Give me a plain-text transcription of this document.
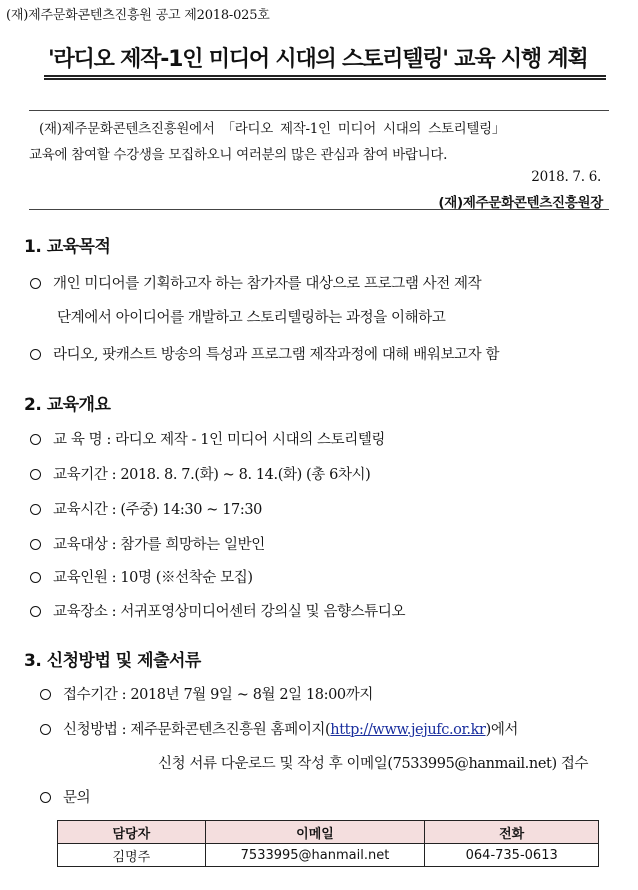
(재)제주문화콘텐츠진흥원 공고 제2018-025호
'라디오 제작-1인 미디어 시대의 스토리텔링' 교육 시행 계획
(재)제주문화콘텐츠진흥원에서 「라디오 제작-1인 미디어 시대의 스토리텔링」
교육에 참여할 수강생을 모집하오니 여러분의 많은 관심과 참여 바랍니다.
2018. 7. 6.
(재)제주문화콘텐츠진흥원장
1. 교육목적
개인 미디어를 기획하고자 하는 참가자를 대상으로 프로그램 사전 제작
단계에서 아이디어를 개발하고 스토리텔링하는 과정을 이해하고
라디오, 팟캐스트 방송의 특성과 프로그램 제작과정에 대해 배워보고자 함
2. 교육개요
교 육 명 : 라디오 제작 - 1인 미디어 시대의 스토리텔링
교육기간 : 2018. 8. 7.(화) ~ 8. 14.(화) (총 6차시)
교육시간 : (주중) 14:30 ~ 17:30
교육대상 : 참가를 희망하는 일반인
교육인원 : 10명 (※선착순 모집)
교육장소 : 서귀포영상미디어센터 강의실 및 음향스튜디오
3. 신청방법 및 제출서류
접수기간 : 2018년 7월 9일 ~ 8월 2일 18:00까지
신청방법 : 제주문화콘텐츠진흥원 홈페이지(http://www.jejufc.or.kr)에서
신청 서류 다운로드 및 작성 후 이메일(7533995@hanmail.net) 접수
문의
담당자	이메일	전화
김명주	7533995@hanmail.net	064-735-0613
